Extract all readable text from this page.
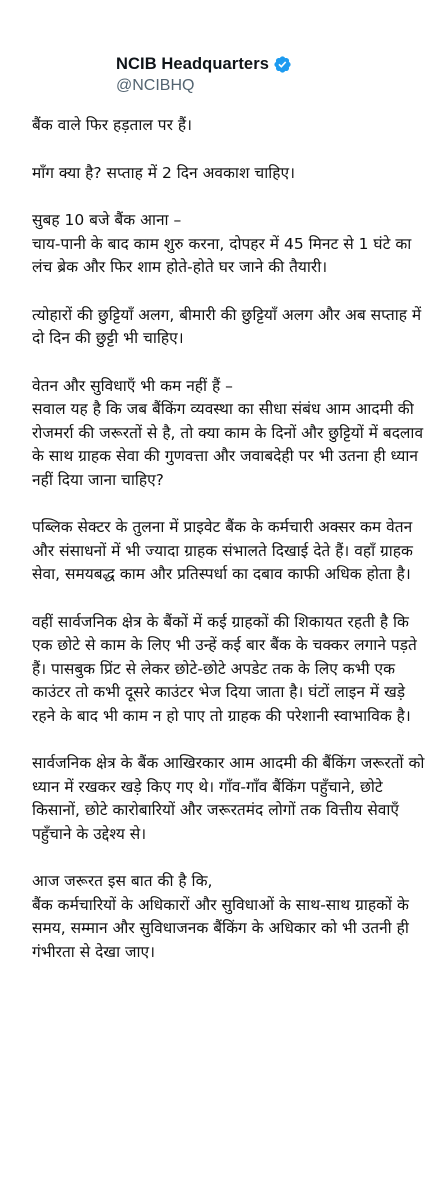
NCIB Headquarters
@NCIBHQ

बैंक वाले फिर हड़ताल पर हैं।

माँग क्या है? सप्ताह में 2 दिन अवकाश चाहिए।

सुबह 10 बजे बैंक आना –
चाय-पानी के बाद काम शुरु करना, दोपहर में 45 मिनट से 1 घंटे का लंच ब्रेक और फिर शाम होते-होते घर जाने की तैयारी।

त्योहारों की छुट्टियाँ अलग, बीमारी की छुट्टियाँ अलग और अब सप्ताह में दो दिन की छुट्टी भी चाहिए।

वेतन और सुविधाएँ भी कम नहीं हैं –
सवाल यह है कि जब बैंकिंग व्यवस्था का सीधा संबंध आम आदमी की रोजमर्रा की जरूरतों से है, तो क्या काम के दिनों और छुट्टियों में बदलाव के साथ ग्राहक सेवा की गुणवत्ता और जवाबदेही पर भी उतना ही ध्यान नहीं दिया जाना चाहिए?

पब्लिक सेक्टर के तुलना में प्राइवेट बैंक के कर्मचारी अक्सर कम वेतन और संसाधनों में भी ज्यादा ग्राहक संभालते दिखाई देते हैं। वहाँ ग्राहक सेवा, समयबद्ध काम और प्रतिस्पर्धा का दबाव काफी अधिक होता है।

वहीं सार्वजनिक क्षेत्र के बैंकों में कई ग्राहकों की शिकायत रहती है कि एक छोटे से काम के लिए भी उन्हें कई बार बैंक के चक्कर लगाने पड़ते हैं। पासबुक प्रिंट से लेकर छोटे-छोटे अपडेट तक के लिए कभी एक काउंटर तो कभी दूसरे काउंटर भेज दिया जाता है। घंटों लाइन में खड़े रहने के बाद भी काम न हो पाए तो ग्राहक की परेशानी स्वाभाविक है।

सार्वजनिक क्षेत्र के बैंक आखिरकार आम आदमी की बैंकिंग जरूरतों को ध्यान में रखकर खड़े किए गए थे। गाँव-गाँव बैंकिंग पहुँचाने, छोटे किसानों, छोटे कारोबारियों और जरूरतमंद लोगों तक वित्तीय सेवाएँ पहुँचाने के उद्देश्य से।

आज जरूरत इस बात की है कि,
बैंक कर्मचारियों के अधिकारों और सुविधाओं के साथ-साथ ग्राहकों के समय, सम्मान और सुविधाजनक बैंकिंग के अधिकार को भी उतनी ही गंभीरता से देखा जाए।
